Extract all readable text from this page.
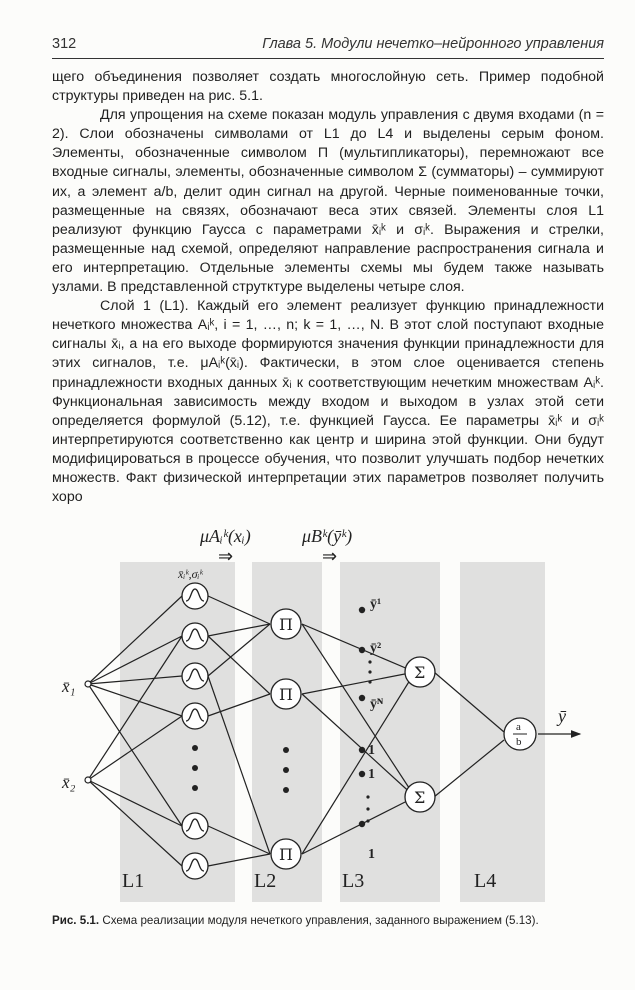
312	Глава 5. Модули нечетко–нейронного управления

щего объединения позволяет создать многослойную сеть. Пример подобной структуры приведен на рис. 5.1.

Для упрощения на схеме показан модуль управления с двумя входами (n = 2). Слои обозначены символами от L1 до L4 и выделены серым фоном. Элементы, обозначенные символом Π (мультипликаторы), перемножают все входные сигналы, элементы, обозначенные символом Σ (сумматоры) – суммируют их, а элемент a/b, делит один сигнал на другой. Черные поименованные точки, размещенные на связях, обозначают веса этих связей. Элементы слоя L1 реализуют функцию Гаусса с параметрами x̄ᵢᵏ и σᵢᵏ. Выражения и стрелки, размещенные над схемой, определяют направление распространения сигнала и его интерпретацию. Отдельные элементы схемы мы будем также называть узлами. В представленной струтктуре выделены четыре слоя.

Слой 1 (L1). Каждый его элемент реализует функцию принадлежности нечеткого множества Aᵢᵏ, i = 1, …, n; k = 1, …, N. В этот слой поступают входные сигналы x̄ᵢ, а на его выходе формируются значения функции принадлежности для этих сигналов, т.е. μAᵢᵏ(x̄ᵢ). Фактически, в этом слое оценивается степень принадлежности входных данных x̄ᵢ к соответствующим нечетким множествам Aᵢᵏ. Функциональная зависимость между входом и выходом в узлах этой сети определяется формулой (5.12), т.е. функцией Гаусса. Ее параметры x̄ᵢᵏ и σᵢᵏ интерпретируются соответственно как центр и ширина этой функции. Они будут модифицироваться в процессе обучения, что позволит улучшать подбор нечетких множеств. Факт физической интерпретации этих параметров позволяет получить хоро

μAᵢᵏ(xᵢ)
⇒
μBᵏ(ȳᵏ)
⇒
ȳ
x̄₁
x̄₂
x̄ᵢᵏ,σᵢᵏ
Π
Π
Π
ȳ¹
ȳ²
ȳᴺ
1
1
1
Σ
Σ
a
b
L1	L2	L3	L4
Рис. 5.1. Схема реализации модуля нечеткого управления, заданного выражением (5.13).
